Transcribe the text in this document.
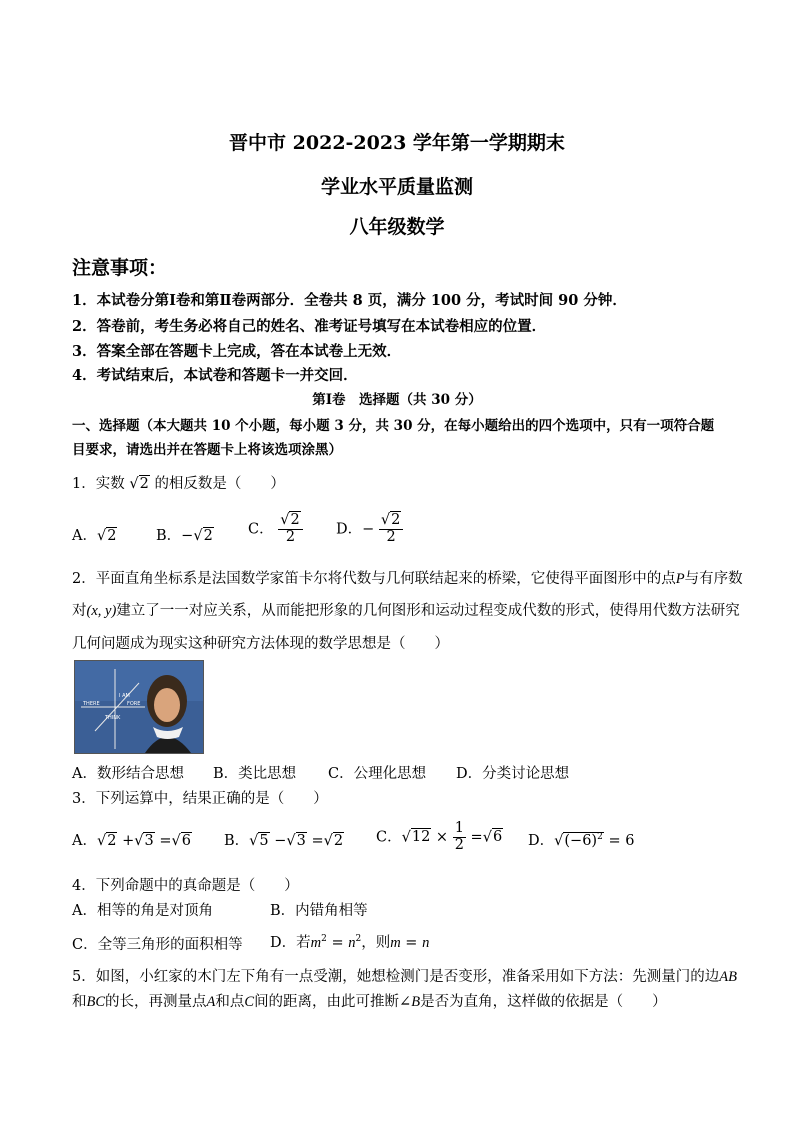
晋中市 2022-2023 学年第一学期期末
学业水平质量监测
八年级数学
注意事项：
1．本试卷分第Ⅰ卷和第Ⅱ卷两部分．全卷共 8 页，满分 100 分，考试时间 90 分钟．
2．答卷前，考生务必将自己的姓名、准考证号填写在本试卷相应的位置．
3．答案全部在答题卡上完成，答在本试卷上无效．
4．考试结束后，本试卷和答题卡一并交回．
第Ⅰ卷　选择题（共 30 分）
一、选择题（本大题共 10 个小题，每小题 3 分，共 30 分，在每小题给出的四个选项中，只有一项符合题
目要求，请选出并在答题卡上将该选项涂黑）
1．实数 √2 的相反数是（　　）
A．√2	B．−√2 C． $\frac{√2}{2}$ D．− $\frac{√2}{2}$
2．平面直角坐标系是法国数学家笛卡尔将代数与几何联结起来的桥梁，它使得平面图形中的点P与有序数
对(x, y)建立了一一对应关系，从而能把形象的几何图形和运动过程变成代数的形式，使得用代数方法研究
几何问题成为现实这种研究方法体现的数学思想是（　　）
THERE
I AM
FORE
THINK
A．数形结合思想 B．类比思想 C．公理化思想 D．分类讨论思想
3．下列运算中，结果正确的是（　　）
A．√2 +√3 =√6 B．√5 −√3 =√2 C．$√12 \times \frac{1}{2} =√6$ D．$√(-6)^2 = 6$
4．下列命题中的真命题是（　　）
A．相等的角是对顶角	B．内错角相等
C．全等三角形的面积相等 D．若$m^2 = n^2$，则m = n
5．如图，小红家的木门左下角有一点受潮，她想检测门是否变形，准备采用如下方法：先测量门的边AB
和BC的长，再测量点A和点C间的距离，由此可推断∠B是否为直角，这样做的依据是（　　）
